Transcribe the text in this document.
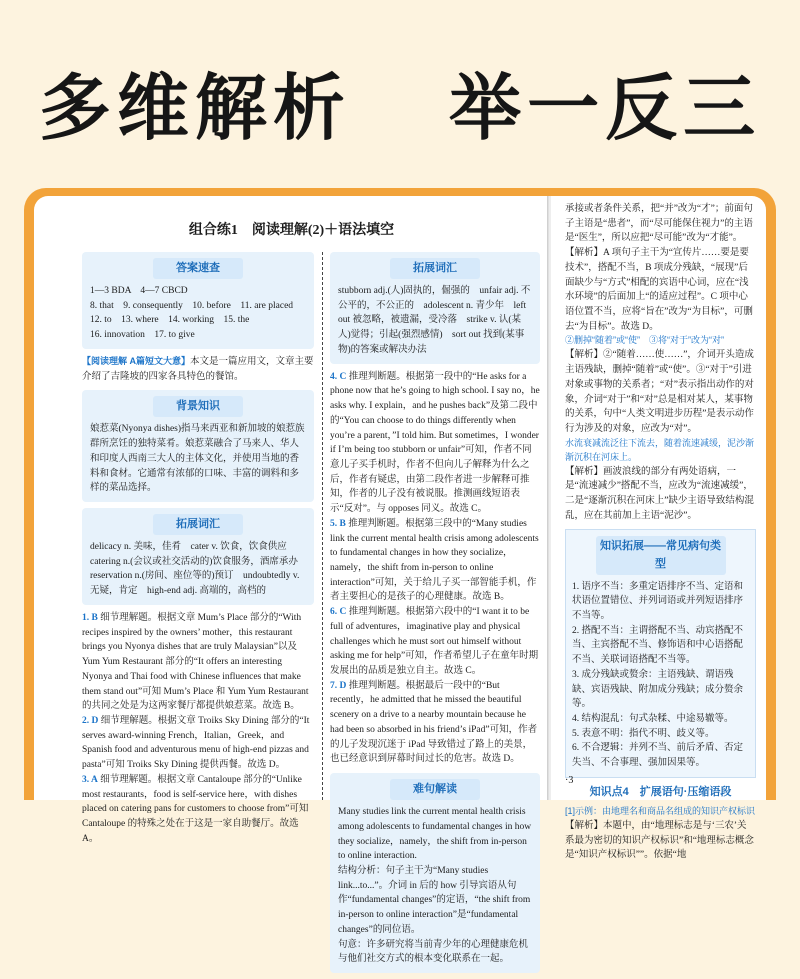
多维解析 举一反三
组合练1　阅读理解(2)＋语法填空
答案速查

1—3 BDA　4—7 CBCD

8. that　9. consequently　10. before　11. are placed

12. to　13. where　14. working　15. the

16. innovation　17. to give

【阅读理解 A篇短文大意】本文是一篇应用文，文章主要介绍了吉隆坡的四家各具特色的餐馆。

背景知识

娘惹菜(Nyonya dishes)指马来西亚和新加坡的娘惹族群所烹饪的独特菜肴。娘惹菜融合了马来人、华人和印度人西南三大人的主体文化，并使用当地的香料和食材。它通常有浓郁的口味、丰富的调料和多样的菜品选择。

拓展词汇

delicacy n. 美味，佳肴　cater v. 饮食，饮食供应　catering n.(会议或社交活动的)饮食服务，酒席承办　reservation n.(房间、座位等的)预订　undoubtedly v. 无疑，肯定　high-end adj. 高端的，高档的

1. B 细节理解题。根据文章 Mum’s Place 部分的“With recipes inspired by the owners’ mother，this restaurant brings you Nyonya dishes that are truly Malaysian”以及 Yum Yum Restaurant 部分的“It offers an interesting Nyonya and Thai food with Chinese influences that make them stand out”可知 Mum’s Place 和 Yum Yum Restaurant 的共同之处是为这两家餐厅都提供娘惹菜。故选 B。

2. D 细节理解题。根据文章 Troiks Sky Dining 部分的“It serves award-winning French，Italian，Greek，and Spanish food and adventurous menu of high-end pizzas and pasta”可知 Troiks Sky Dining 提供西餐。故选 D。

3. A 细节理解题。根据文章 Cantaloupe 部分的“Unlike most restaurants，food is self-service here，with dishes placed on catering pans for customers to choose from”可知 Cantaloupe 的特殊之处在于这是一家自助餐厅。故选 A。

拓展词汇

stubborn adj.(人)固执的，倔强的　unfair adj. 不公平的，不公正的　adolescent n. 青少年　left out 被忽略，被遗漏，受冷落　strike v. 认(某人)觉得；引起(强烈感情)　sort out 找到(某事物)的答案或解决办法

4. C 推理判断题。根据第一段中的“He asks for a phone now that he’s going to high school. I say no，he asks why. I explain，and he pushes back”及第二段中的“You can choose to do things differently when you’re a parent，”I told him. But sometimes，I wonder if I’m being too stubborn or unfair”可知，作者不同意儿子买手机时，作者不但向儿子解释为什么之后，作者有疑虑，由第二段作者进一步解释可推知，作者的儿子没有被说服。推测画线短语表示“反对”。与 opposes 同义。故选 C。

5. B 推理判断题。根据第三段中的“Many studies link the current mental health crisis among adolescents to fundamental changes in how they socialize，namely，the shift from in-person to online interaction”可知，关于给儿子买一部智能手机，作者主要担心的是孩子的心理健康。故选 B。

6. C 推理判断题。根据第六段中的“I want it to be full of adventures，imaginative play and physical challenges which he must sort out himself without asking me for help”可知，作者希望儿子在童年时期发展出的品质是独立自主。故选 C。

7. D 推理判断题。根据最后一段中的“But recently，he admitted that he missed the beautiful scenery on a drive to a nearby mountain because he had been so absorbed in his friend’s iPad”可知，作者的儿子发现沉迷于 iPad 导致错过了路上的美景，也已经意识到屏幕时间过长的危害。故选 D。

难句解读

Many studies link the current mental health crisis among adolescents to fundamental changes in how they socialize，namely，the shift from in-person to online interaction.

结构分析：句子主干为“Many studies link...to...”。介词 in 后的 how 引导宾语从句作“fundamental changes”的定语，“the shift from in-person to online interaction”是“fundamental changes”的同位语。

句意：许多研究将当前青少年的心理健康危机与他们社交方式的根本变化联系在一起。

承接或者条件关系，把“并”改为“才”；前面句子主语是“患者”，而“尽可能保住视力”的主语是“医生”，所以应把“尽可能”改为“才能”。

【解析】A 项句子主干为“宣传片……要是要技术”，搭配不当，B 项成分残缺，“展现”后面缺少与“方式”相配的宾语中心词，应在“浅水环境”的后面加上“的适应过程”。C 项中心语位置不当，应将“旨在”改为“为目标”，可删去“为目标”。故选 D。

②删掉“随着”或“使”　③将“对于”改为“对”

【解析】②“随着……使……”，介词开头造成主语残缺，删掉“随着”或“使”。③“对于”引进对象或事物的关系者；“对”表示指出动作的对象，介词“对于”和“对”总是相对某人，某事物的关系，句中“人类文明进步历程”是表示动作行为涉及的对象，应改为“对”。

水流衰减流泛往下流去，随着流速减缓，泥沙渐渐沉积在河床上。

【解析】画波浪线的部分有两处语病，一是“流速减少”搭配不当，应改为“流速减缓”，二是“逐渐沉积在河床上”缺少主语导致结构混乱，应在其前加上主语“泥沙”。

知识拓展——常见病句类型

1. 语序不当：多重定语排序不当、定语和状语位置错位、并列词语或并列短语排序不当等。

2. 搭配不当：主谓搭配不当、动宾搭配不当、主宾搭配不当、修饰语和中心语搭配不当、关联词语搭配不当等。

3. 成分残缺或赘余：主语残缺、谓语残缺、宾语残缺、附加成分残缺；成分赘余等。

4. 结构混乱：句式杂糅、中途易辙等。

5. 表意不明：指代不明、歧义等。

6. 不合逻辑：并列不当、前后矛盾、否定失当、不合事理、强加因果等。

知识点4　扩展语句·压缩语段

[1]示例：由地理名和商品名组成的知识产权标识

【解析】本题中，由“地理标志是与‘三农’关系最为密切的知识产权标识”和“地理标志概念是“知识产权标识””。依据“地

·3
